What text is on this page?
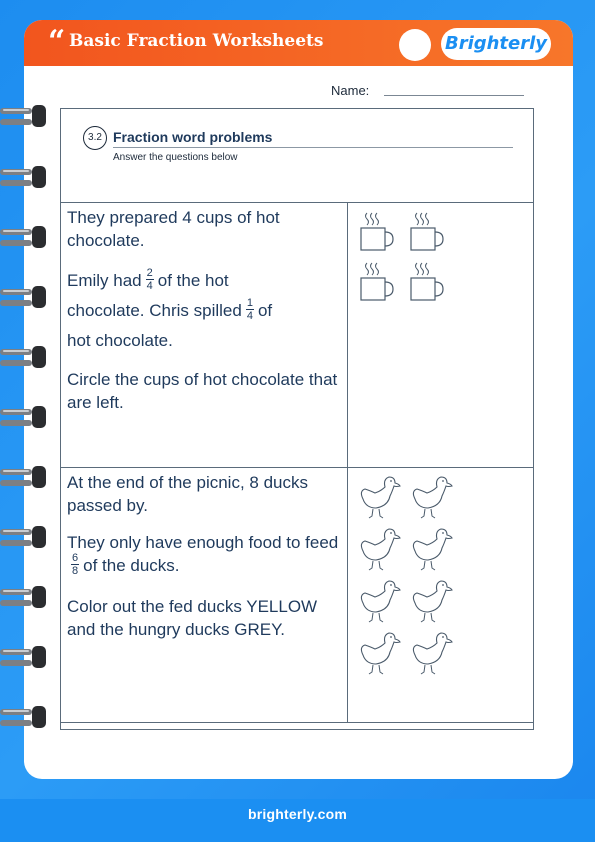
brighterly.com
“ Basic Fraction Worksheets	Brighterly
Name:
3.2 Fraction word problems
Answer the questions below

They prepared 4 cups of hot chocolate.

Emily had $\frac{2}{4}$ of the hot
chocolate. Chris spilled $\frac{1}{4}$ of
hot chocolate.

Circle the cups of hot chocolate that are left.

At the end of the picnic, 8 ducks passed by.

They only have enough food to feed
$\frac{6}{8}$ of the ducks.

Color out the fed ducks YELLOW and the hungry ducks GREY.
